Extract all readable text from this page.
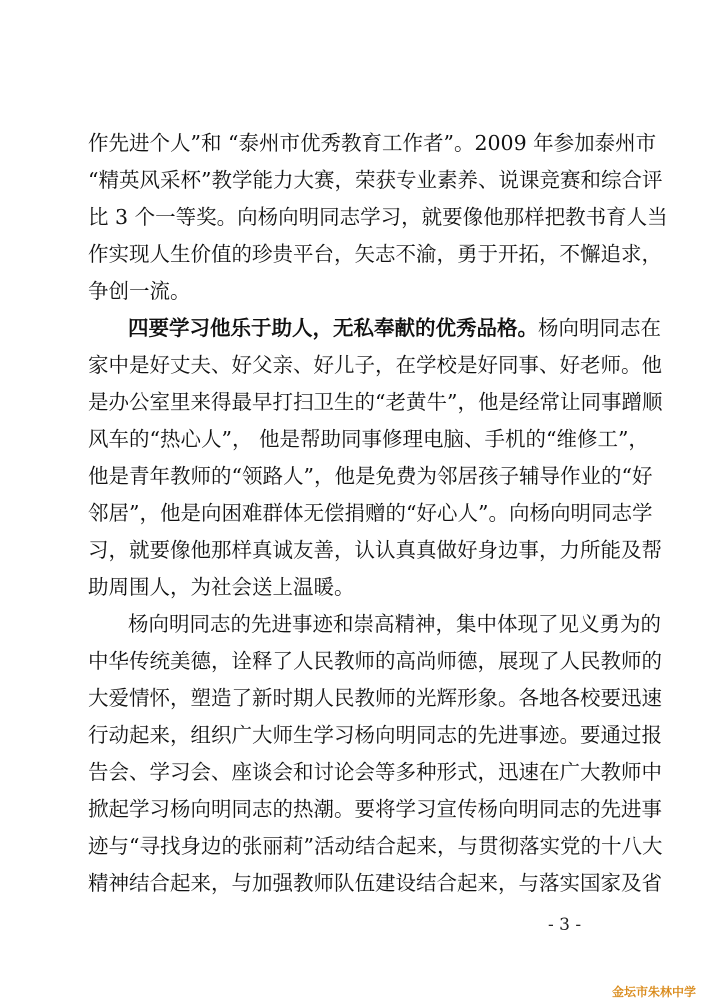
作先进个人”和 “泰州市优秀教育工作者”。2009 年参加泰州市
“精英风采杯”教学能力大赛，荣获专业素养、说课竞赛和综合评
比 3 个一等奖。向杨向明同志学习，就要像他那样把教书育人当
作实现人生价值的珍贵平台，矢志不渝，勇于开拓，不懈追求，
争创一流。
四要学习他乐于助人，无私奉献的优秀品格。杨向明同志在
家中是好丈夫、好父亲、好儿子，在学校是好同事、好老师。他
是办公室里来得最早打扫卫生的“老黄牛”，他是经常让同事蹭顺
风车的“热心人”， 他是帮助同事修理电脑、手机的“维修工”，
他是青年教师的“领路人”，他是免费为邻居孩子辅导作业的“好
邻居”，他是向困难群体无偿捐赠的“好心人”。向杨向明同志学
习，就要像他那样真诚友善，认认真真做好身边事，力所能及帮
助周围人，为社会送上温暖。
杨向明同志的先进事迹和崇高精神，集中体现了见义勇为的
中华传统美德，诠释了人民教师的高尚师德，展现了人民教师的
大爱情怀，塑造了新时期人民教师的光辉形象。各地各校要迅速
行动起来，组织广大师生学习杨向明同志的先进事迹。要通过报
告会、学习会、座谈会和讨论会等多种形式，迅速在广大教师中
掀起学习杨向明同志的热潮。要将学习宣传杨向明同志的先进事
迹与“寻找身边的张丽莉”活动结合起来，与贯彻落实党的十八大
精神结合起来，与加强教师队伍建设结合起来，与落实国家及省
- 3 -
金坛市朱林中学
